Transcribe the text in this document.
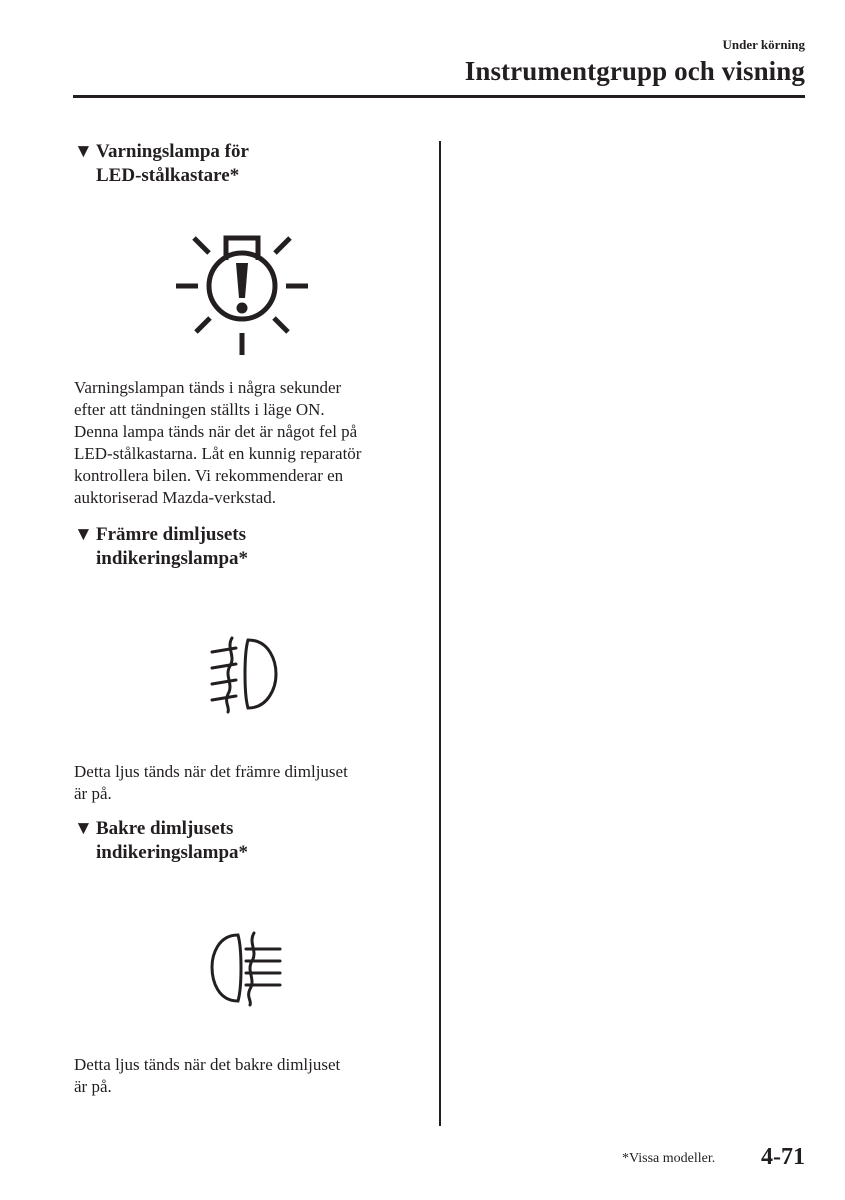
Under körning
Instrumentgrupp och visning
▼ Varningslampa för
LED-stålkastare*
Varningslampan tänds i några sekunder
efter att tändningen ställts i läge ON.
Denna lampa tänds när det är något fel på
LED-stålkastarna. Låt en kunnig reparatör
kontrollera bilen. Vi rekommenderar en
auktoriserad Mazda-verkstad.
▼ Främre dimljusets
indikeringslampa*
Detta ljus tänds när det främre dimljuset
är på.
▼ Bakre dimljusets
indikeringslampa*
Detta ljus tänds när det bakre dimljuset
är på.
*Vissa modeller. 4-71
